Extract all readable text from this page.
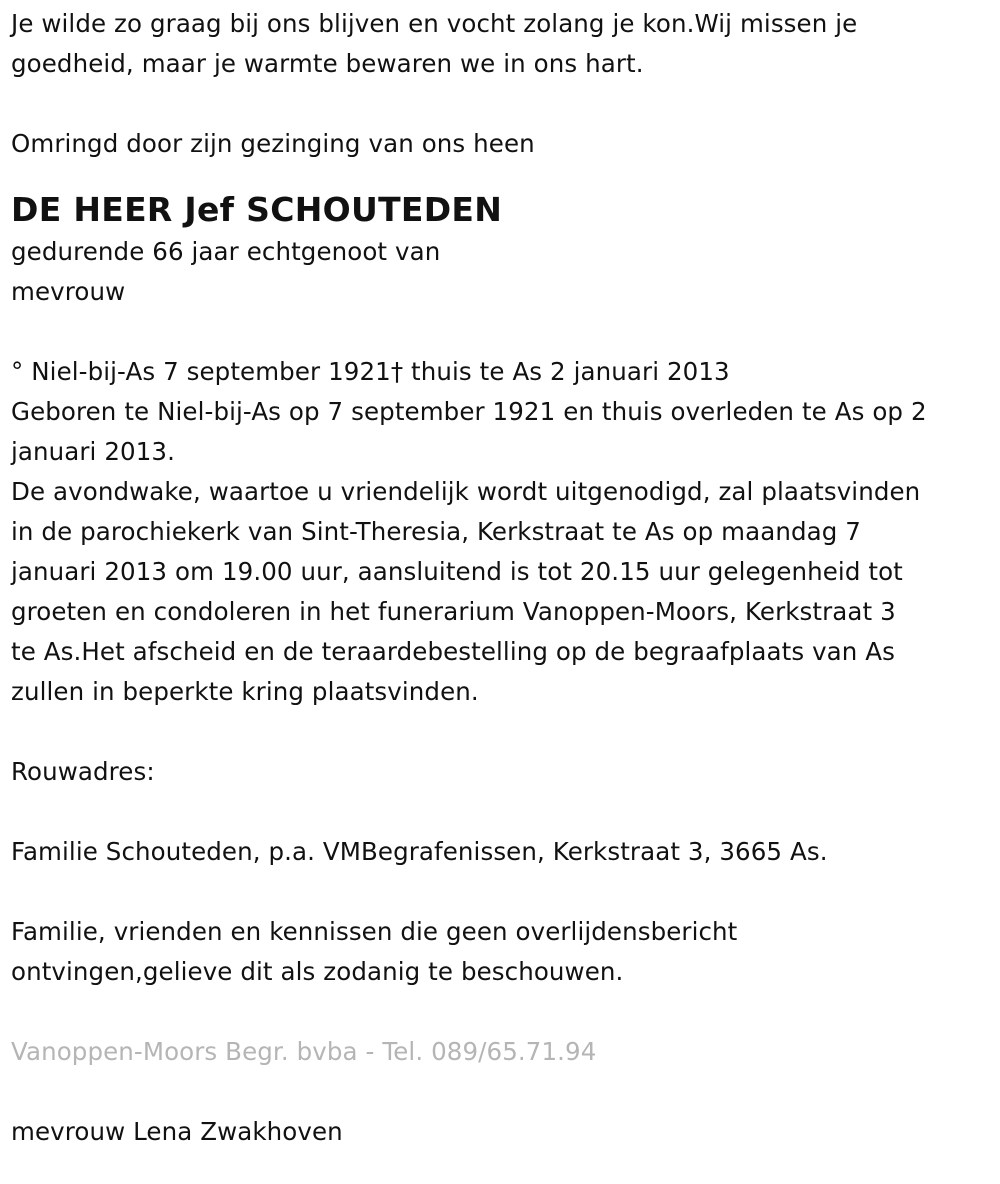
Je wilde zo graag bij ons blijven en vocht zolang je kon.Wij missen je

goedheid, maar je warmte bewaren we in ons hart.

Omringd door zijn gezinging van ons heen

DE HEER Jef SCHOUTEDEN

gedurende 66 jaar echtgenoot van

mevrouw

° Niel-bij-As 7 september 1921† thuis te As 2 januari 2013

Geboren te Niel-bij-As op 7 september 1921 en thuis overleden te As op 2

januari 2013.

De avondwake, waartoe u vriendelijk wordt uitgenodigd, zal plaatsvinden

in de parochiekerk van Sint-Theresia, Kerkstraat te As op maandag 7

januari 2013 om 19.00 uur, aansluitend is tot 20.15 uur gelegenheid tot

groeten en condoleren in het funerarium Vanoppen-Moors, Kerkstraat 3

te As.Het afscheid en de teraardebestelling op de begraafplaats van As

zullen in beperkte kring plaatsvinden.

Rouwadres:

Familie Schouteden, p.a. VMBegrafenissen, Kerkstraat 3, 3665 As.

Familie, vrienden en kennissen die geen overlijdensbericht

ontvingen,gelieve dit als zodanig te beschouwen.

Vanoppen-Moors Begr. bvba - Tel. 089/65.71.94

mevrouw Lena Zwakhoven
